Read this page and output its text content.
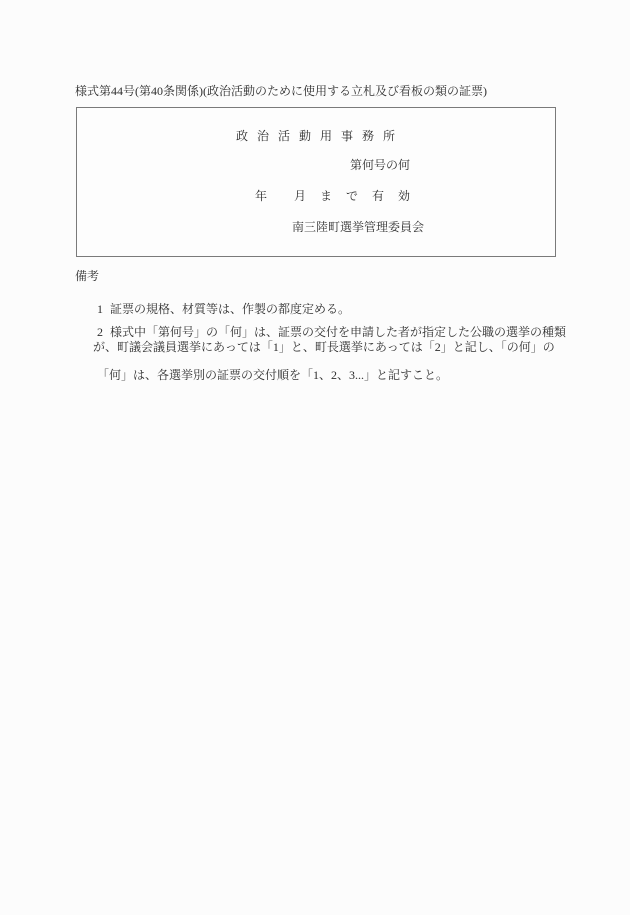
様式第44号(第40条関係)(政治活動のために使用する立札及び看板の類の証票)
政治活動用事務所
第何号の何
年　　月　ま　で　有　効
南三陸町選挙管理委員会
備考

1 証票の規格、材質等は、作製の都度定める。

2 様式中「第何号」の「何」は、証票の交付を申請した者が指定した公職の選挙の種類

が、町議会議員選挙にあっては「1」と、町長選挙にあっては「2」と記し、「の何」の
「何」は、各選挙別の証票の交付順を「1、2、3...」と記すこと。
